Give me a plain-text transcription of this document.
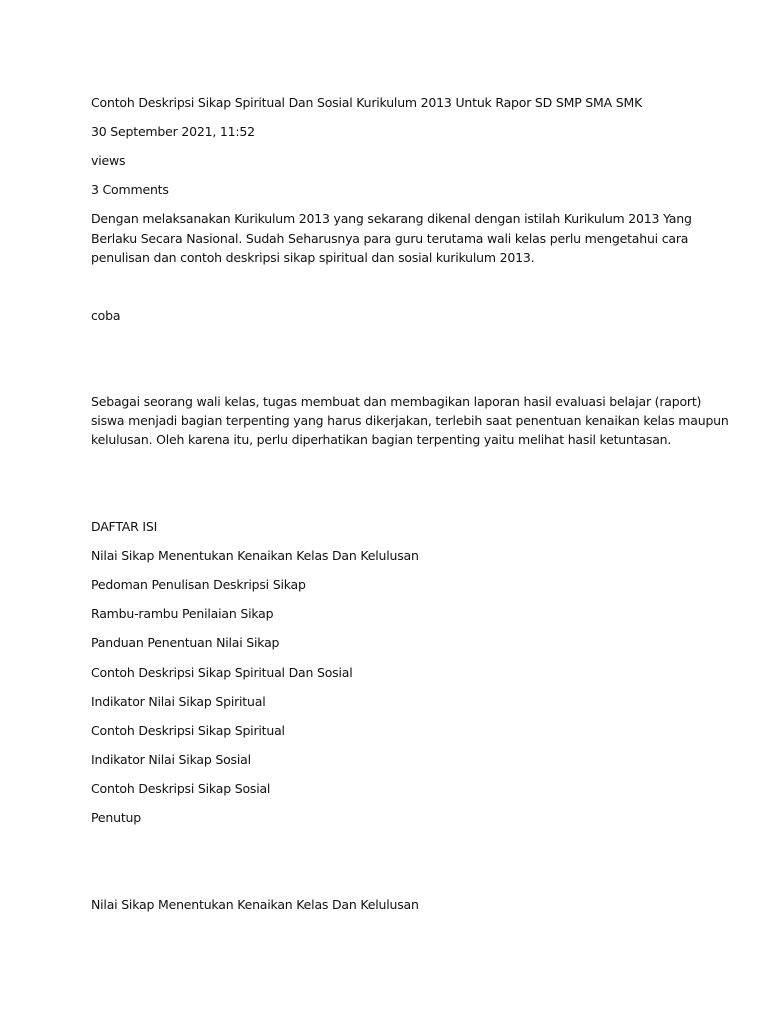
Contoh Deskripsi Sikap Spiritual Dan Sosial Kurikulum 2013 Untuk Rapor SD SMP SMA SMK

30 September 2021, 11:52

views

3 Comments

Dengan melaksanakan Kurikulum 2013 yang sekarang dikenal dengan istilah Kurikulum 2013 Yang

Berlaku Secara Nasional. Sudah Seharusnya para guru terutama wali kelas perlu mengetahui cara

penulisan dan contoh deskripsi sikap spiritual dan sosial kurikulum 2013.

coba

Sebagai seorang wali kelas, tugas membuat dan membagikan laporan hasil evaluasi belajar (raport)

siswa menjadi bagian terpenting yang harus dikerjakan, terlebih saat penentuan kenaikan kelas maupun

kelulusan. Oleh karena itu, perlu diperhatikan bagian terpenting yaitu melihat hasil ketuntasan.

DAFTAR ISI

Nilai Sikap Menentukan Kenaikan Kelas Dan Kelulusan

Pedoman Penulisan Deskripsi Sikap

Rambu-rambu Penilaian Sikap

Panduan Penentuan Nilai Sikap

Contoh Deskripsi Sikap Spiritual Dan Sosial

Indikator Nilai Sikap Spiritual

Contoh Deskripsi Sikap Spiritual

Indikator Nilai Sikap Sosial

Contoh Deskripsi Sikap Sosial

Penutup

Nilai Sikap Menentukan Kenaikan Kelas Dan Kelulusan
